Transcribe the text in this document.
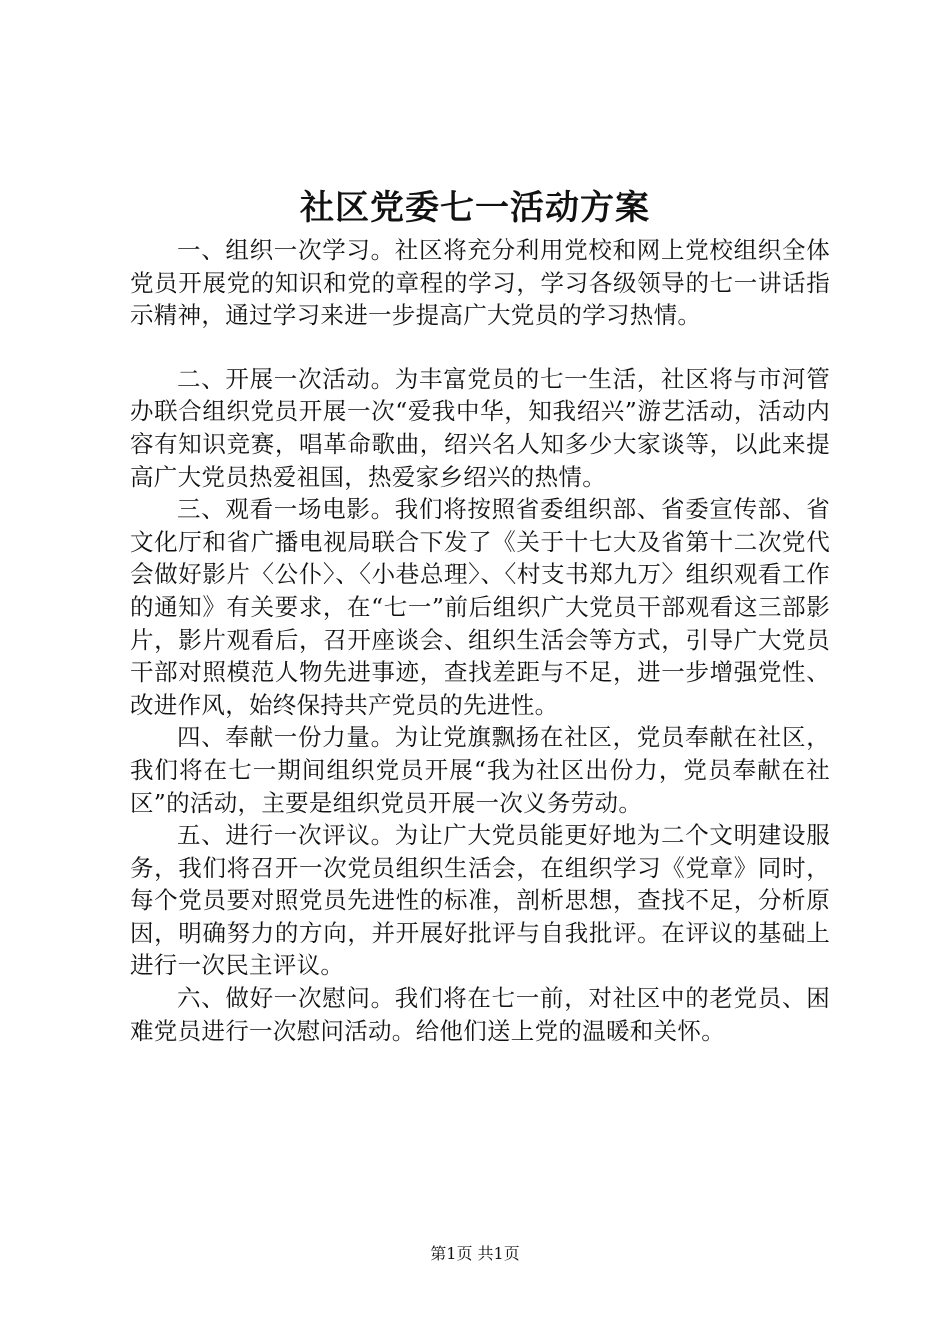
社区党委七一活动方案

一、组织一次学习。社区将充分利用党校和网上党校组织全体党员开展党的知识和党的章程的学习，学习各级领导的七一讲话指示精神，通过学习来进一步提高广大党员的学习热情。

二、开展一次活动。为丰富党员的七一生活，社区将与市河管办联合组织党员开展一次“爱我中华，知我绍兴”游艺活动，活动内容有知识竞赛，唱革命歌曲，绍兴名人知多少大家谈等，以此来提高广大党员热爱祖国，热爱家乡绍兴的热情。

三、观看一场电影。我们将按照省委组织部、省委宣传部、省文化厅和省广播电视局联合下发了《关于十七大及省第十二次党代会做好影片〈公仆〉、〈小巷总理〉、〈村支书郑九万〉组织观看工作的通知》有关要求，在“七一”前后组织广大党员干部观看这三部影片，影片观看后，召开座谈会、组织生活会等方式，引导广大党员干部对照模范人物先进事迹，查找差距与不足，进一步增强党性、改进作风，始终保持共产党员的先进性。

四、奉献一份力量。为让党旗飘扬在社区，党员奉献在社区，我们将在七一期间组织党员开展“我为社区出份力，党员奉献在社区”的活动，主要是组织党员开展一次义务劳动。

五、进行一次评议。为让广大党员能更好地为二个文明建设服务，我们将召开一次党员组织生活会，在组织学习《党章》同时，每个党员要对照党员先进性的标准，剖析思想，查找不足，分析原因，明确努力的方向，并开展好批评与自我批评。在评议的基础上进行一次民主评议。

六、做好一次慰问。我们将在七一前，对社区中的老党员、困难党员进行一次慰问活动。给他们送上党的温暖和关怀。

第1页 共1页
